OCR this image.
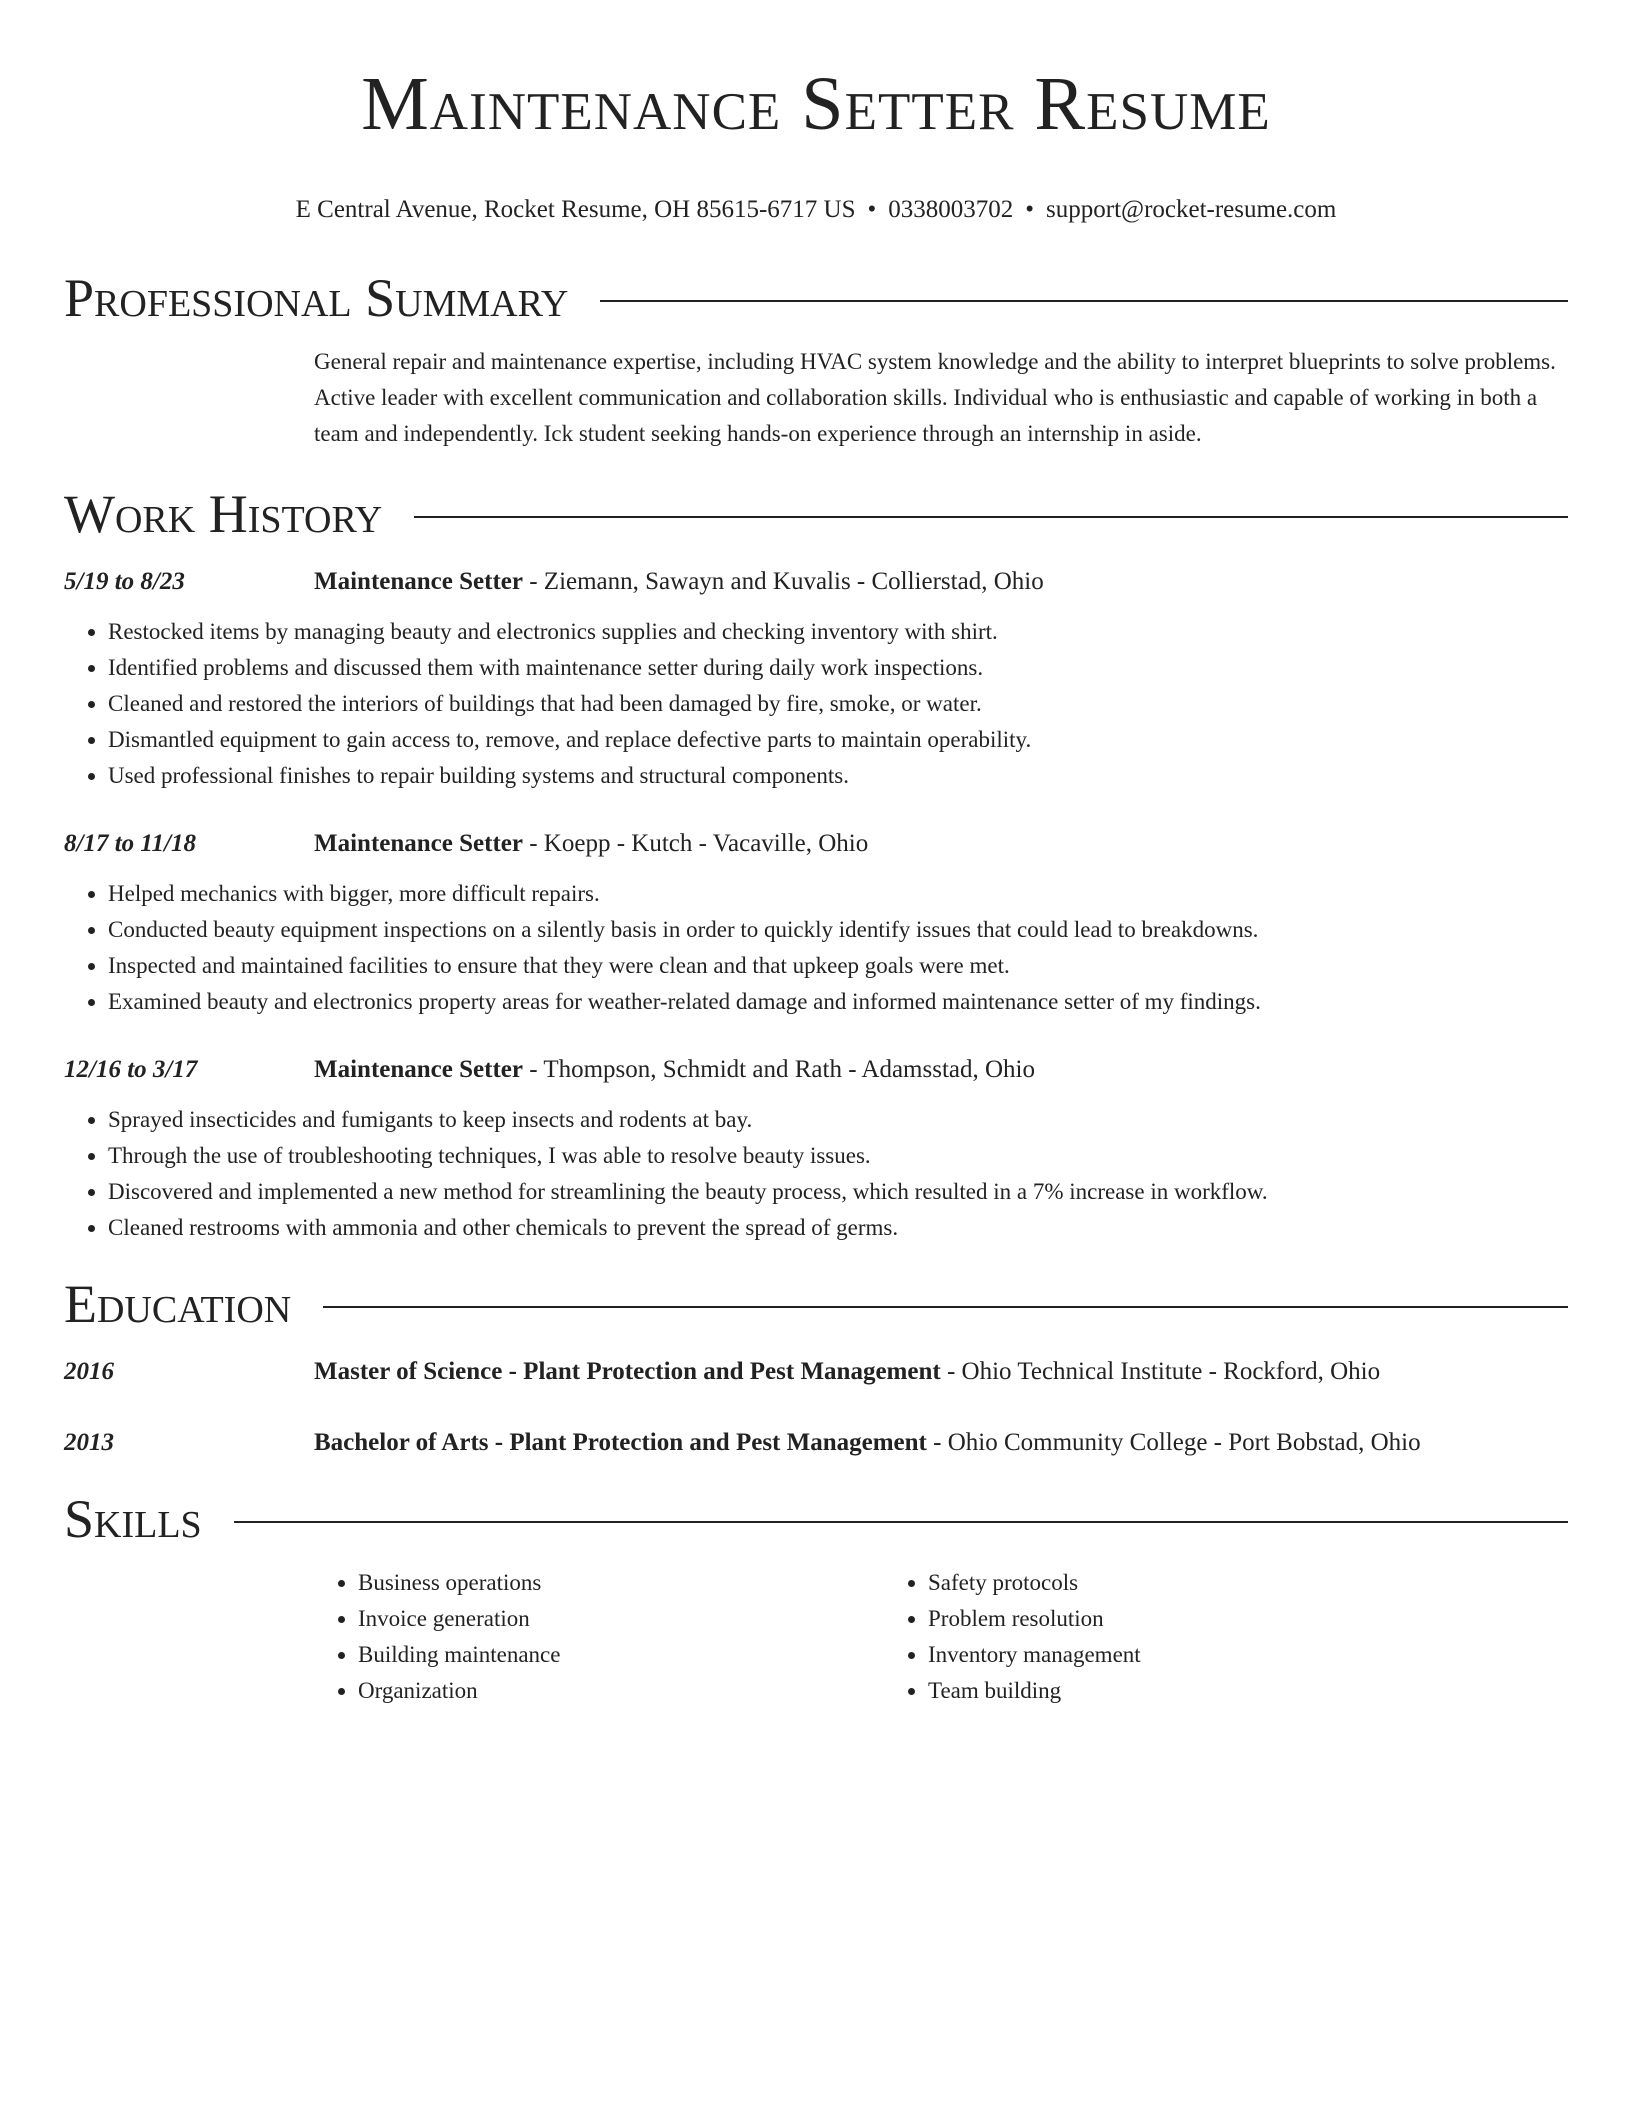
Maintenance Setter Resume
E Central Avenue, Rocket Resume, OH 85615-6717 US • 0338003702 • support@rocket-resume.com
Professional Summary
General repair and maintenance expertise, including HVAC system knowledge and the ability to interpret blueprints to solve problems. Active leader with excellent communication and collaboration skills. Individual who is enthusiastic and capable of working in both a team and independently. Ick student seeking hands-on experience through an internship in aside.
Work History
5/19 to 8/23	Maintenance Setter - Ziemann, Sawayn and Kuvalis - Collierstad, Ohio
• Restocked items by managing beauty and electronics supplies and checking inventory with shirt.
• Identified problems and discussed them with maintenance setter during daily work inspections.
• Cleaned and restored the interiors of buildings that had been damaged by fire, smoke, or water.
• Dismantled equipment to gain access to, remove, and replace defective parts to maintain operability.
• Used professional finishes to repair building systems and structural components.
8/17 to 11/18	Maintenance Setter - Koepp - Kutch - Vacaville, Ohio
• Helped mechanics with bigger, more difficult repairs.
• Conducted beauty equipment inspections on a silently basis in order to quickly identify issues that could lead to breakdowns.
• Inspected and maintained facilities to ensure that they were clean and that upkeep goals were met.
• Examined beauty and electronics property areas for weather-related damage and informed maintenance setter of my findings.
12/16 to 3/17	Maintenance Setter - Thompson, Schmidt and Rath - Adamsstad, Ohio
• Sprayed insecticides and fumigants to keep insects and rodents at bay.
• Through the use of troubleshooting techniques, I was able to resolve beauty issues.
• Discovered and implemented a new method for streamlining the beauty process, which resulted in a 7% increase in workflow.
• Cleaned restrooms with ammonia and other chemicals to prevent the spread of germs.
Education
2016	Master of Science - Plant Protection and Pest Management - Ohio Technical Institute - Rockford, Ohio
2013	Bachelor of Arts - Plant Protection and Pest Management - Ohio Community College - Port Bobstad, Ohio
Skills
• Business operations
• Invoice generation
• Building maintenance
• Organization
• Safety protocols
• Problem resolution
• Inventory management
• Team building
